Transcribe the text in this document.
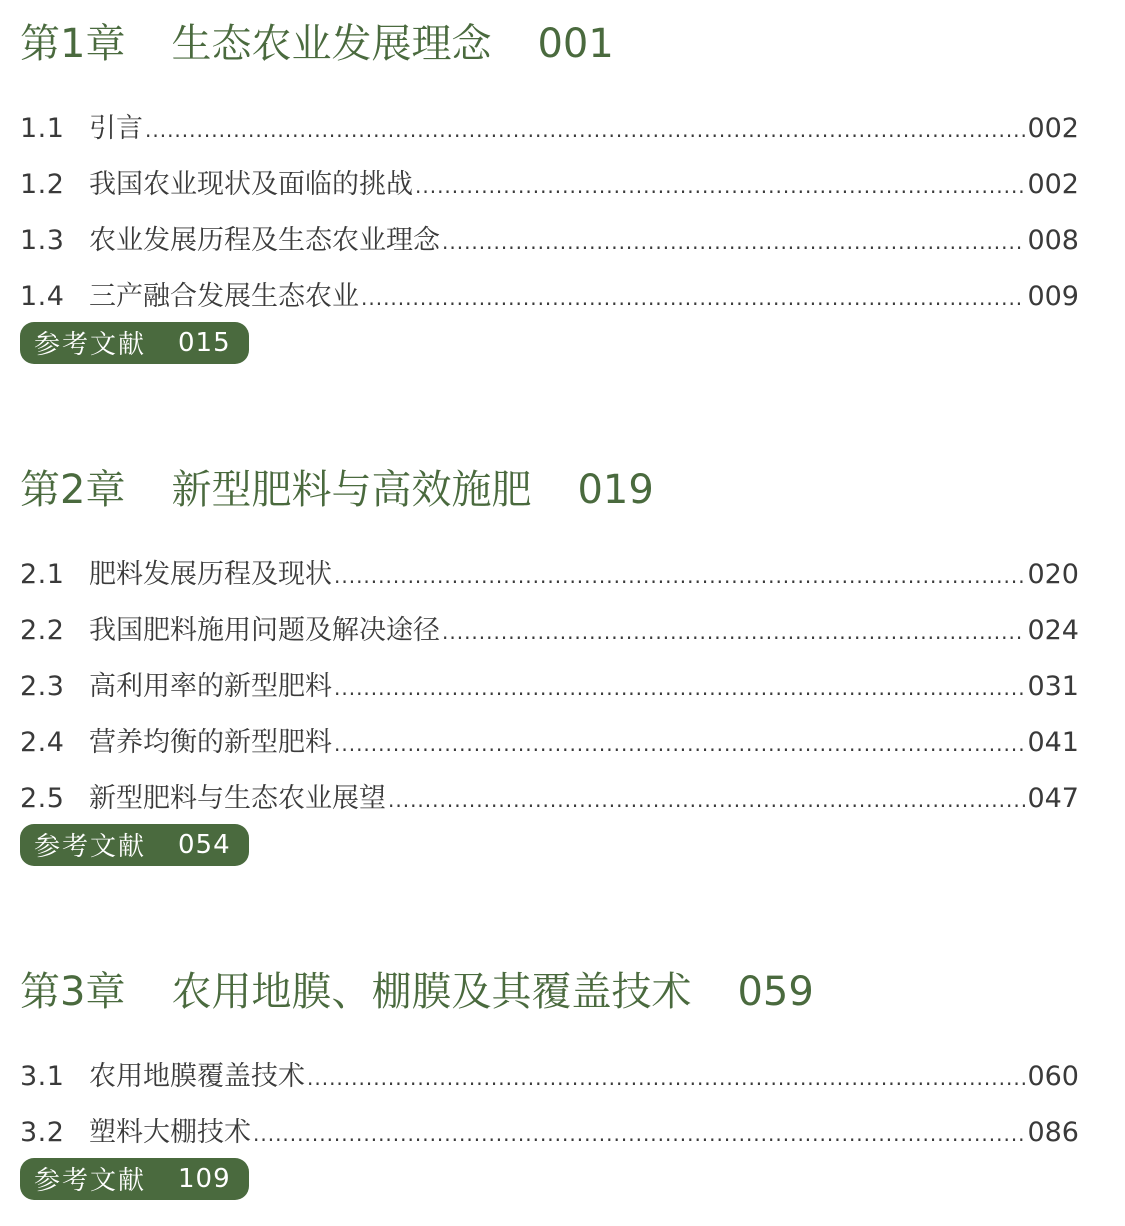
第1章 生态农业发展理念 001
1.1 引言 .....	002
1.2 我国农业现状及面临的挑战 .....	002
1.3 农业发展历程及生态农业理念 .....	008
1.4 三产融合发展生态农业 .....	009
参考文献 015
第2章 新型肥料与高效施肥 019
2.1 肥料发展历程及现状 .....	020
2.2 我国肥料施用问题及解决途径 .....	024
2.3 高利用率的新型肥料 .....	031
2.4 营养均衡的新型肥料 .....	041
2.5 新型肥料与生态农业展望 .....	047
参考文献 054
第3章 农用地膜、棚膜及其覆盖技术 059
3.1 农用地膜覆盖技术 .....	060
3.2 塑料大棚技术 .....	086
参考文献 109
